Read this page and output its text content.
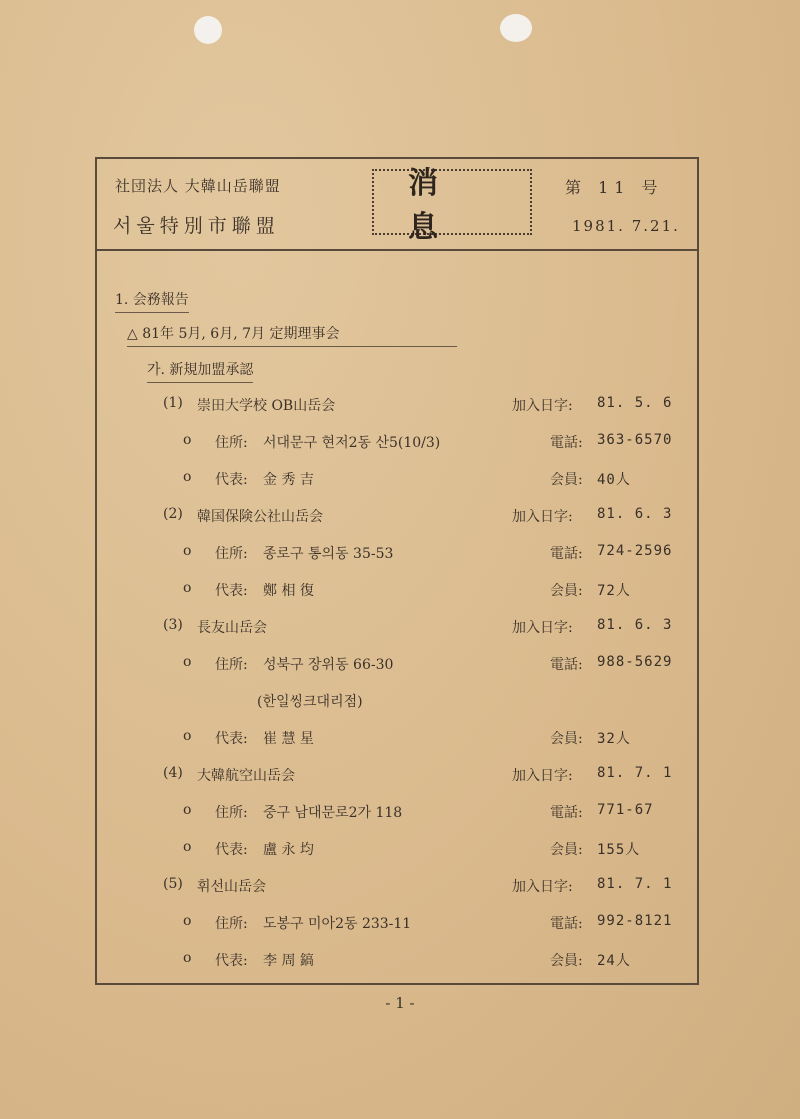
社団法人 大韓山岳聯盟
서울特別市聯盟
消息
第 11 号
1981. 7.21.
1. 会務報告
△ 81年 5月, 6月, 7月 定期理事会
가. 新規加盟承認
(1) 崇田大学校 OB山岳会	加入日字: 81. 5. 6
o 住所: 서대문구 현저2동 산5(10/3)	電話: 363-6570
o 代表: 金 秀 吉	会員: 40人
(2) 韓国保険公社山岳会	加入日字: 81. 6. 3
o 住所: 종로구 통의동 35-53	電話: 724-2596
o 代表: 鄭 相 復	会員: 72人
(3) 長友山岳会	加入日字: 81. 6. 3
o 住所: 성북구 장위동 66-30	電話: 988-5629
(한일씽크대리점)
o 代表: 崔 慧 星	会員: 32人
(4) 大韓航空山岳会	加入日字: 81. 7. 1
o 住所: 중구 남대문로2가 118	電話: 771-67
o 代表: 盧 永 均	会員: 155人
(5) 휘선山岳会	加入日字: 81. 7. 1
o 住所: 도봉구 미아2동 233-11	電話: 992-8121
o 代表: 李 周 鎬	会員: 24人
- 1 -
